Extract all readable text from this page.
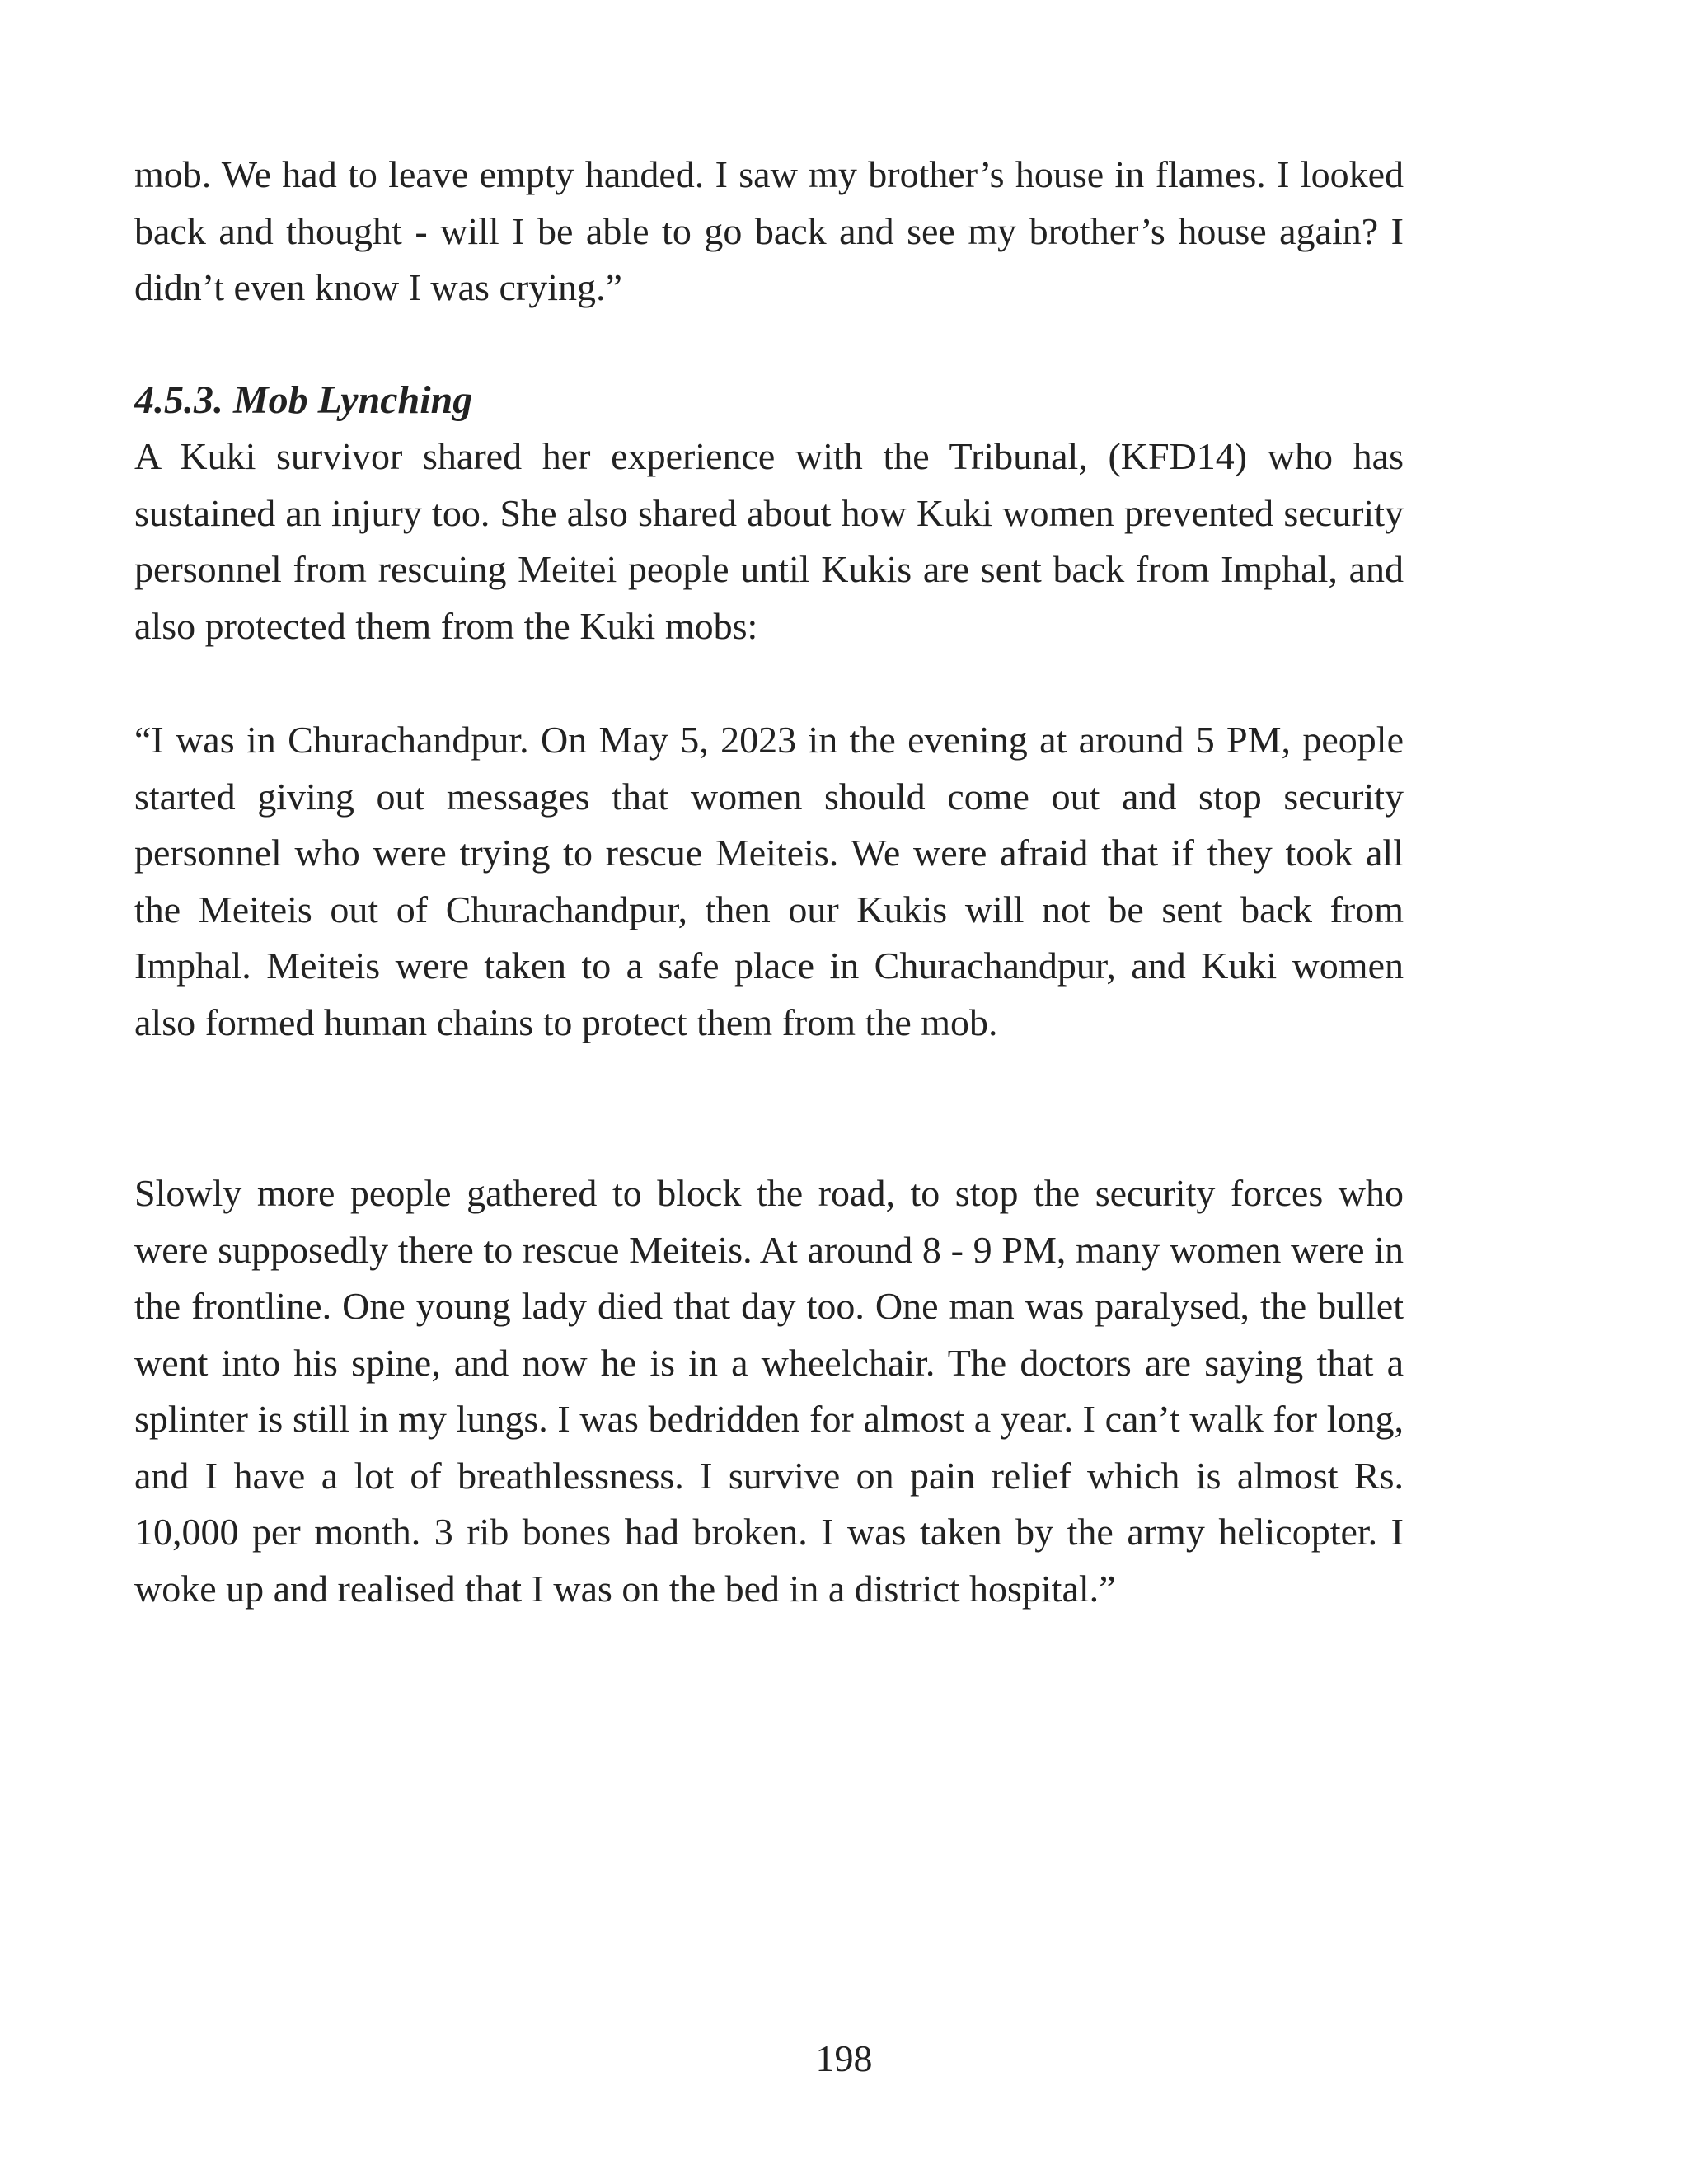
mob. We had to leave empty handed. I saw my brother’s house in flames. I looked back and thought - will I be able to go back and see my brother’s house again? I didn’t even know I was crying.”

4.5.3. Mob Lynching

A Kuki survivor shared her experience with the Tribunal, (KFD14) who has sustained an injury too. She also shared about how Kuki women prevented security personnel from rescuing Meitei people until Kukis are sent back from Imphal, and also protected them from the Kuki mobs:

“I was in Churachandpur. On May 5, 2023 in the evening at around 5 PM, people started giving out messages that women should come out and stop security personnel who were trying to rescue Meiteis. We were afraid that if they took all the Meiteis out of Churachandpur, then our Kukis will not be sent back from Imphal. Meiteis were taken to a safe place in Churachandpur, and Kuki women also formed human chains to protect them from the mob.

Slowly more people gathered to block the road, to stop the security forces who were supposedly there to rescue Meiteis. At around 8 - 9 PM, many women were in the frontline. One young lady died that day too. One man was paralysed, the bullet went into his spine, and now he is in a wheelchair. The doctors are saying that a splinter is still in my lungs. I was bedridden for almost a year. I can’t walk for long, and I have a lot of breathlessness. I survive on pain relief which is almost Rs. 10,000 per month. 3 rib bones had broken. I was taken by the army helicopter. I woke up and realised that I was on the bed in a district hospital.”

198
